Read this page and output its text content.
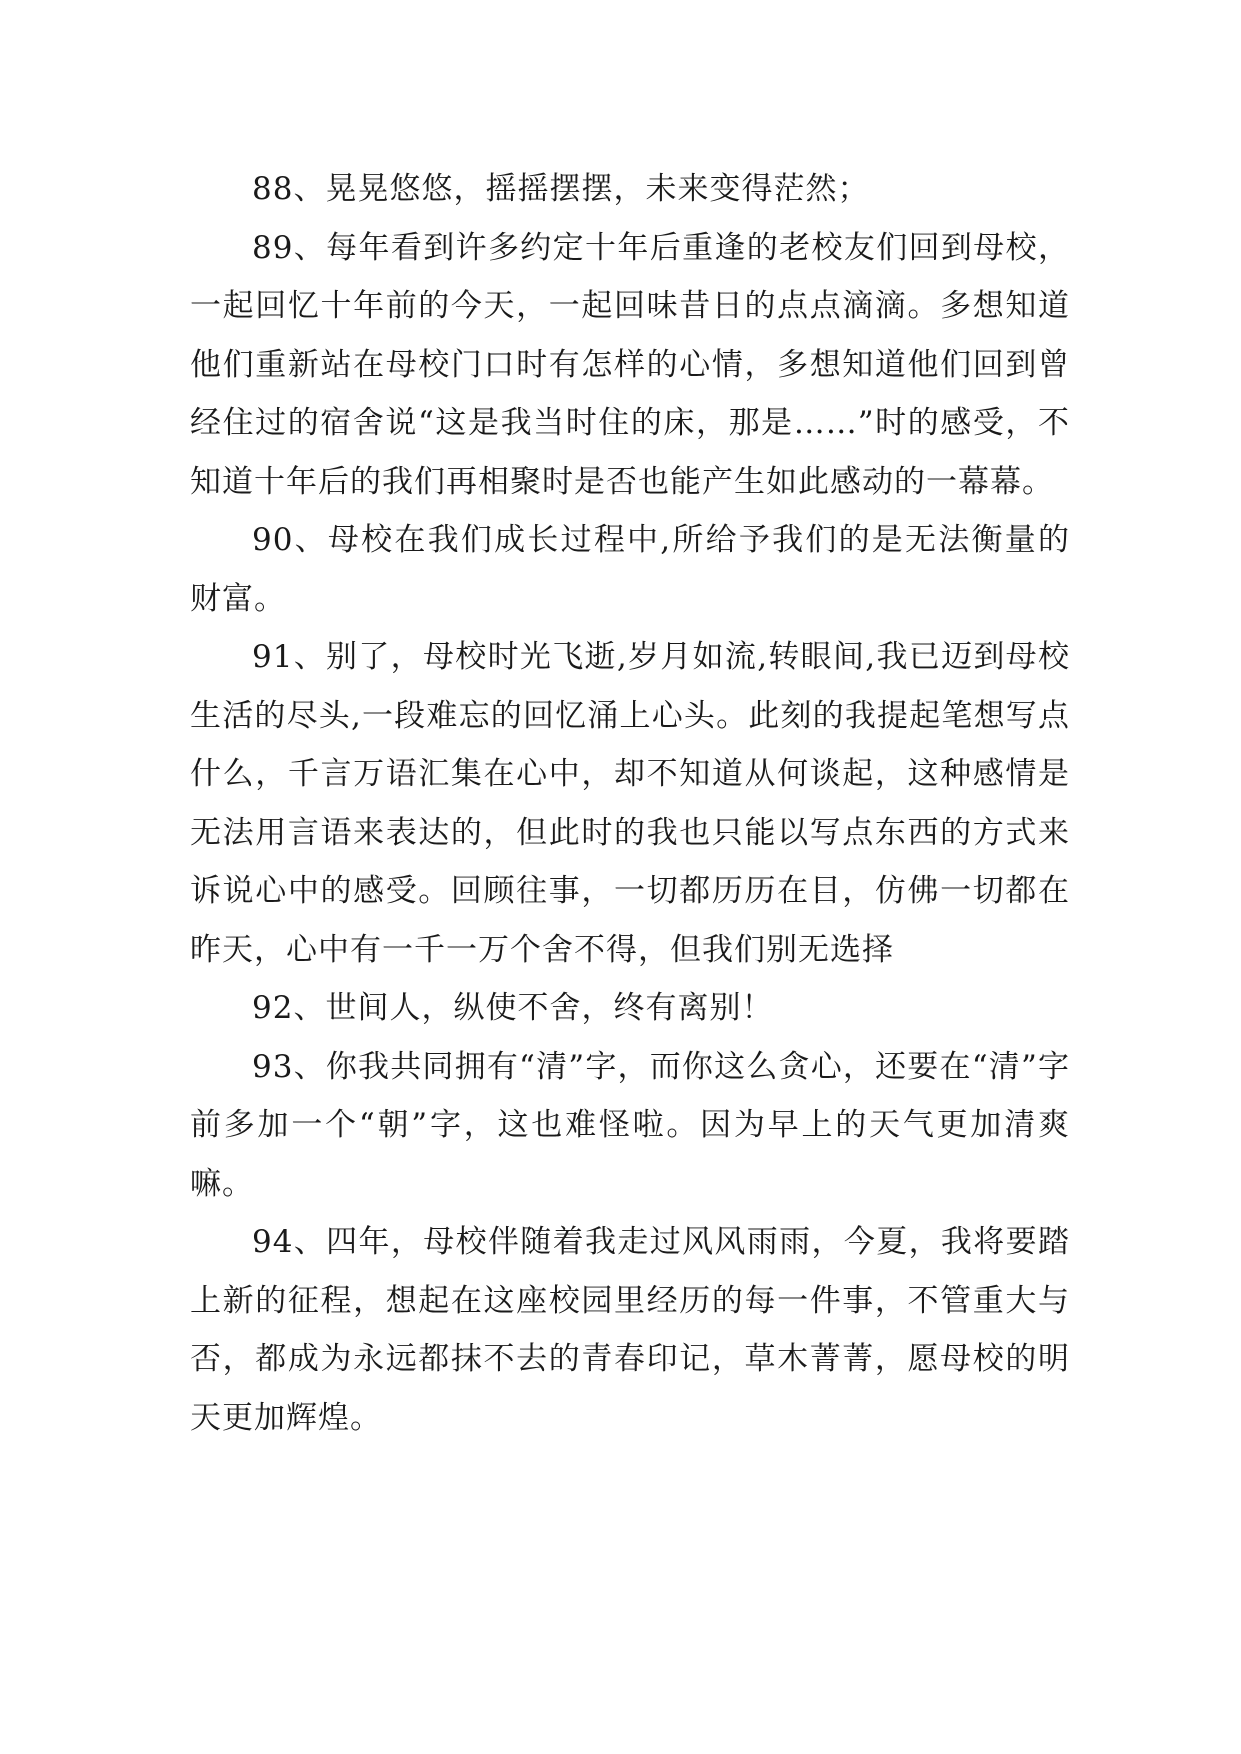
88、晃晃悠悠，摇摇摆摆，未来变得茫然；

89、每年看到许多约定十年后重逢的老校友们回到母校，一起回忆十年前的今天，一起回味昔日的点点滴滴。多想知道他们重新站在母校门口时有怎样的心情，多想知道他们回到曾经住过的宿舍说“这是我当时住的床，那是……”时的感受，不知道十年后的我们再相聚时是否也能产生如此感动的一幕幕。

90、母校在我们成长过程中,所给予我们的是无法衡量的财富。

91、别了，母校时光飞逝,岁月如流,转眼间,我已迈到母校生活的尽头,一段难忘的回忆涌上心头。此刻的我提起笔想写点什么，千言万语汇集在心中，却不知道从何谈起，这种感情是无法用言语来表达的，但此时的我也只能以写点东西的方式来诉说心中的感受。回顾往事，一切都历历在目，仿佛一切都在昨天，心中有一千一万个舍不得，但我们别无选择

92、世间人，纵使不舍，终有离别！

93、你我共同拥有“清”字，而你这么贪心，还要在“清”字前多加一个“朝”字，这也难怪啦。因为早上的天气更加清爽嘛。

94、四年，母校伴随着我走过风风雨雨，今夏，我将要踏上新的征程，想起在这座校园里经历的每一件事，不管重大与否，都成为永远都抹不去的青春印记，草木菁菁，愿母校的明天更加辉煌。
